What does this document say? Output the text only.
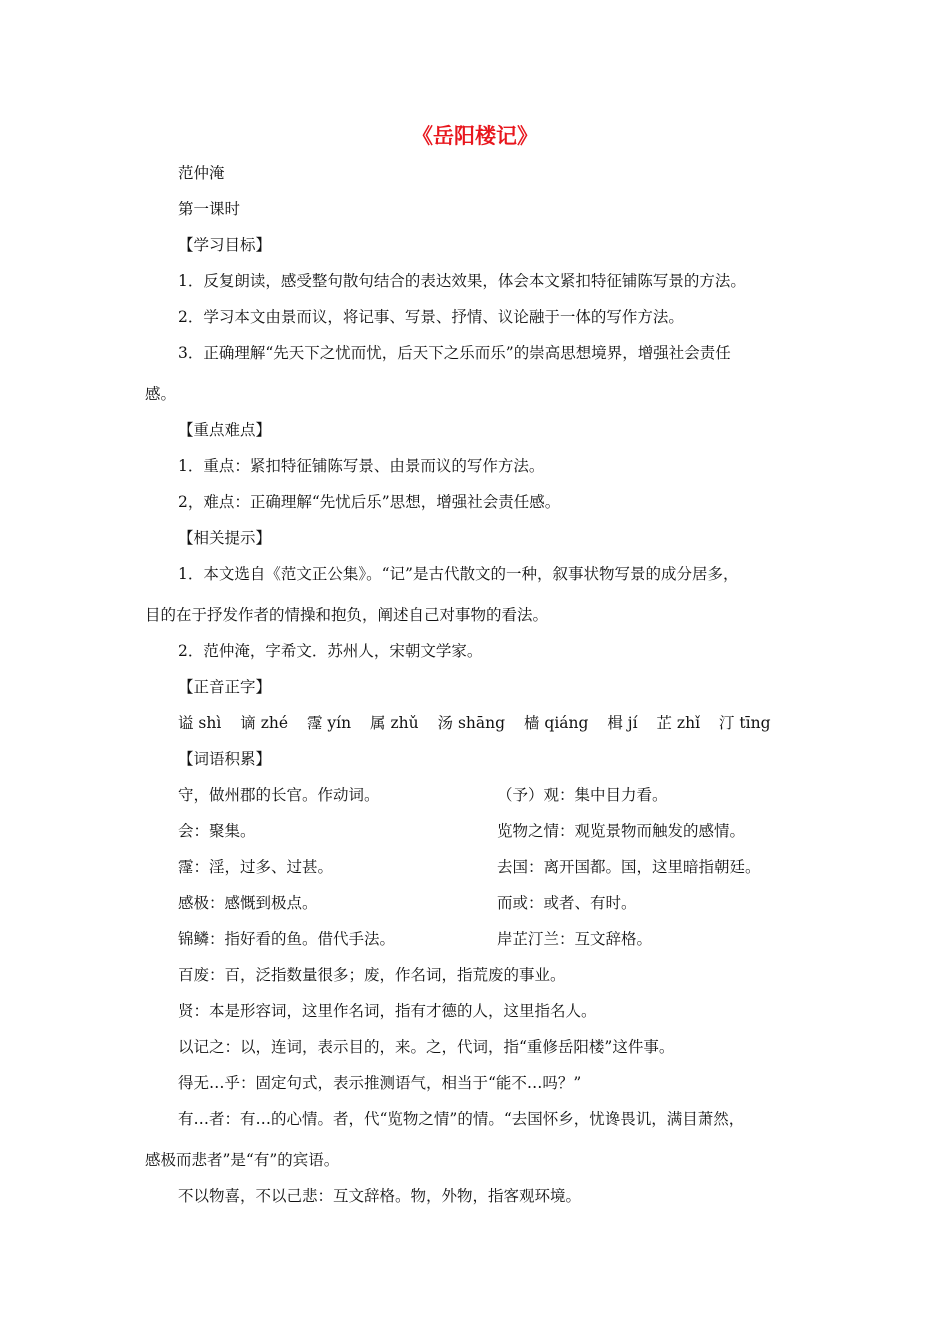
《岳阳楼记》
范仲淹
第一课时
【学习目标】
1．反复朗读，感受整句散句结合的表达效果，体会本文紧扣特征铺陈写景的方法。
2．学习本文由景而议，将记事、写景、抒情、议论融于一体的写作方法。
3．正确理解“先天下之忧而忧，后天下之乐而乐”的崇高思想境界，增强社会责任
感。
【重点难点】
1．重点：紧扣特征铺陈写景、由景而议的写作方法。
2，难点：正确理解“先忧后乐”思想，增强社会责任感。
【相关提示】
1．本文选自《范文正公集》。“记”是古代散文的一种，叙事状物写景的成分居多，
目的在于抒发作者的情操和抱负，阐述自己对事物的看法。
2．范仲淹，字希文．苏州人，宋朝文学家。
【正音正字】
谥 shì 谪 zhé 霪 yín 属 zhǔ 汤 shāng 樯 qiáng 楫 jí 芷 zhǐ 汀 tīng
【词语积累】
守，做州郡的长官。作动词。	（予）观：集中目力看。
会：聚集。	览物之情：观览景物而触发的感情。
霪：淫，过多、过甚。	去国：离开国都。国，这里暗指朝廷。
感极：感慨到极点。	而或：或者、有时。
锦鳞：指好看的鱼。借代手法。	岸芷汀兰：互文辞格。
百废：百，泛指数量很多；废，作名词，指荒废的事业。
贤：本是形容词，这里作名词，指有才德的人，这里指名人。
以记之：以，连词，表示目的，来。之，代词，指“重修岳阳楼”这件事。
得无…乎：固定句式，表示推测语气，相当于“能不…吗？”
有…者：有…的心情。者，代“览物之情”的情。“去国怀乡，忧谗畏讥，满目萧然，
感极而悲者”是“有”的宾语。
不以物喜，不以己悲：互文辞格。物，外物，指客观环境。
